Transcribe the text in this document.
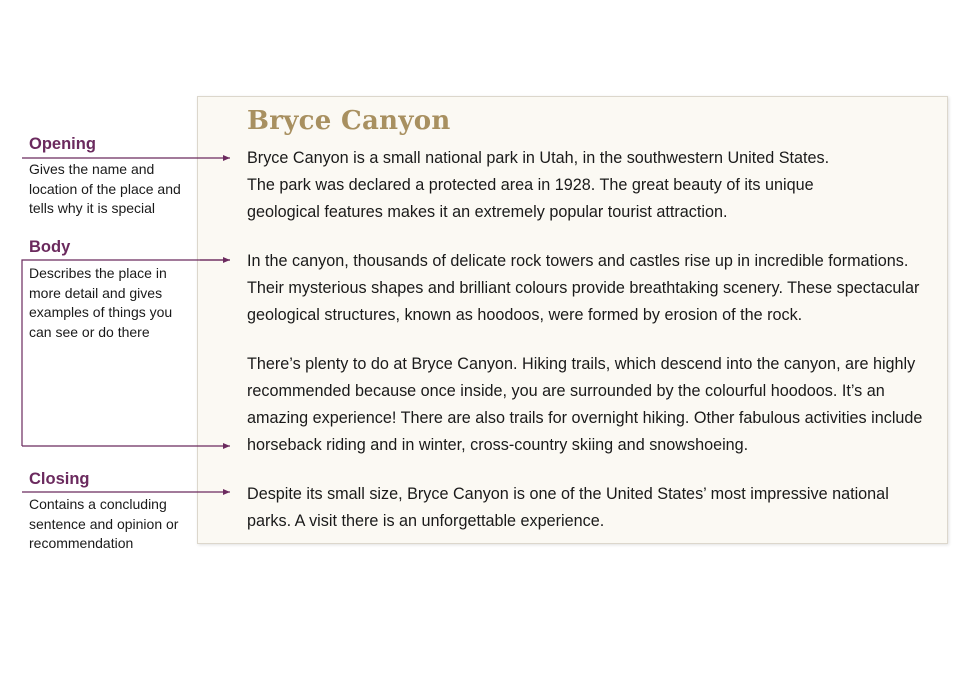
Bryce Canyon

Bryce Canyon is a small national park in Utah, in the southwestern United States.
The park was declared a protected area in 1928. The great beauty of its unique
geological features makes it an extremely popular tourist attraction.

In the canyon, thousands of delicate rock towers and castles rise up in incredible formations.
Their mysterious shapes and brilliant colours provide breathtaking scenery. These spectacular
geological structures, known as hoodoos, were formed by erosion of the rock.

There’s plenty to do at Bryce Canyon. Hiking trails, which descend into the canyon, are highly
recommended because once inside, you are surrounded by the colourful hoodoos. It’s an
amazing experience! There are also trails for overnight hiking. Other fabulous activities include
horseback riding and in winter, cross-country skiing and snowshoeing.

Despite its small size, Bryce Canyon is one of the United States’ most impressive national
parks. A visit there is an unforgettable experience.

Opening

Gives the name and
location of the place and
tells why it is special

Body

Describes the place in
more detail and gives
examples of things you
can see or do there

Closing

Contains a concluding
sentence and opinion or
recommendation
